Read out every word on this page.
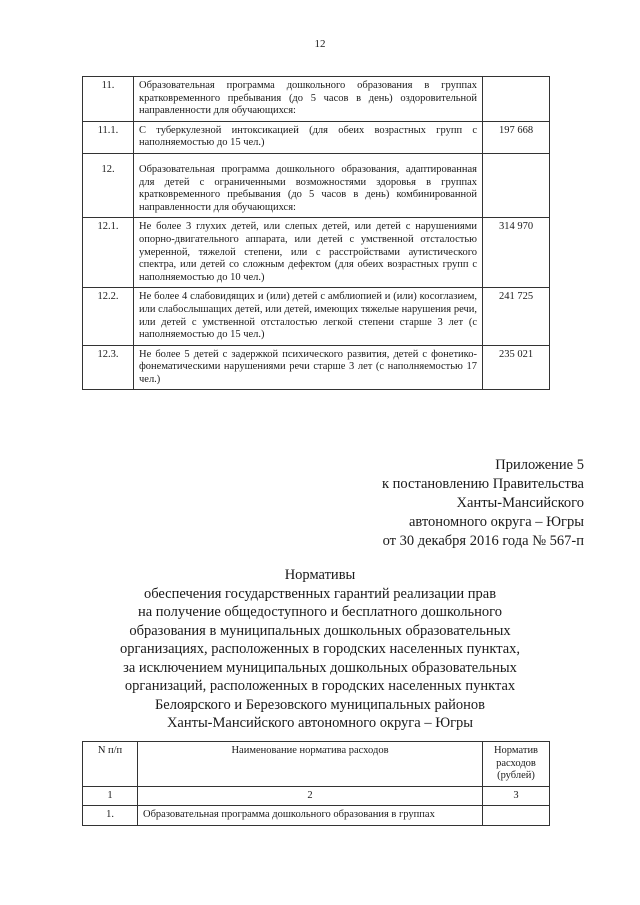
12
11.	Образовательная программа дошкольного образования в группах кратковременного пребывания (до 5 часов в день) оздоровительной направленности для обучающихся:	
11.1.	С туберкулезной интоксикацией (для обеих возрастных групп с наполняемостью до 15 чел.)	197 668
12.	Образовательная программа дошкольного образования, адаптированная для детей с ограниченными возможностями здоровья в группах кратковременного пребывания (до 5 часов в день) комбинированной направленности для обучающихся:	
12.1.	Не более 3 глухих детей, или слепых детей, или детей с нарушениями опорно-двигательного аппарата, или детей с умственной отсталостью умеренной, тяжелой степени, или с расстройствами аутистического спектра, или детей со сложным дефектом (для обеих возрастных групп с наполняемостью до 10 чел.)	314 970
12.2.	Не более 4 слабовидящих и (или) детей с амблиопией и (или) косоглазием, или слабослышащих детей, или детей, имеющих тяжелые нарушения речи, или детей с умственной отсталостью легкой степени старше 3 лет (с наполняемостью до 15 чел.)	241 725
12.3.	Не более 5 детей с задержкой психического развития, детей с фонетико-фонематическими нарушениями речи старше 3 лет (с наполняемостью 17 чел.)	235 021
Приложение 5
к постановлению Правительства
Ханты-Мансийского
автономного округа – Югры
от 30 декабря 2016 года № 567-п
Нормативы
обеспечения государственных гарантий реализации прав
на получение общедоступного и бесплатного дошкольного
образования в муниципальных дошкольных образовательных
организациях, расположенных в городских населенных пунктах,
за исключением муниципальных дошкольных образовательных
организаций, расположенных в городских населенных пунктах
Белоярского и Березовского муниципальных районов
Ханты-Мансийского автономного округа – Югры
N п/п	Наименование норматива расходов	Норматив расходов (рублей)
1	2	3
1.	Образовательная программа дошкольного образования в группах	
